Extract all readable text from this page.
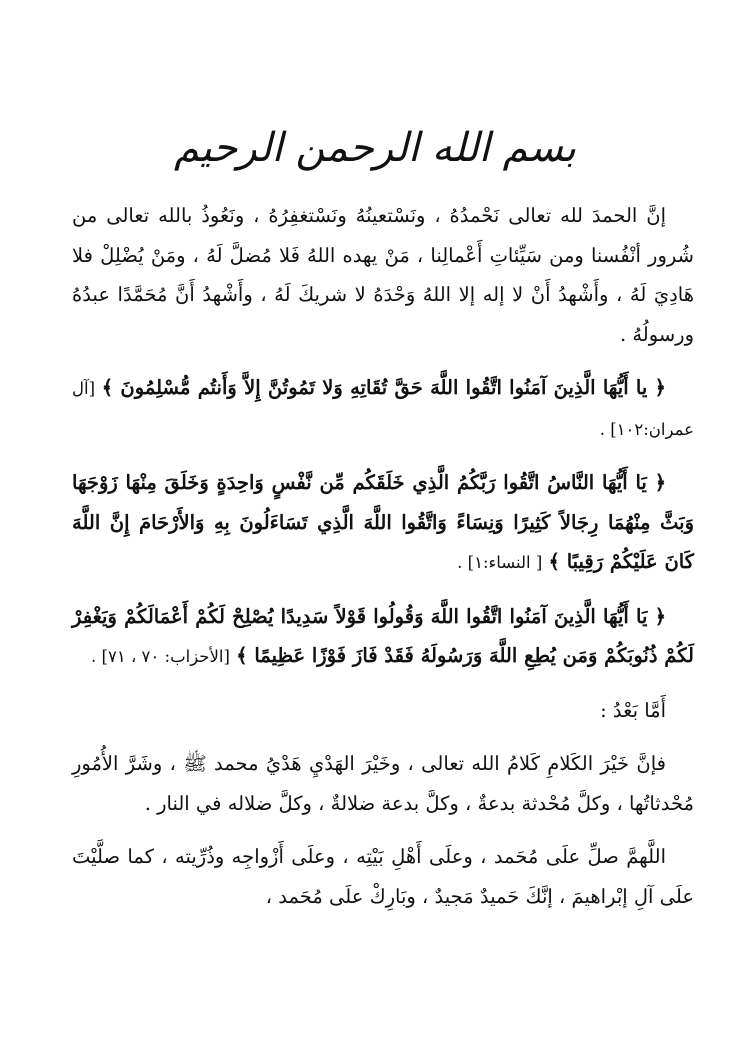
بسم الله الرحمن الرحيم

إنَّ الحمدَ لله تعالى نَحْمدُهُ ، ونَسْتعينُهُ ونَسْتغفِرُهُ ، ونَعُوذُ بالله تعالى من شُرور أنْفُسنا ومن سَيِّئاتِ أَعْمالِنا ، مَنْ يهده اللهُ فَلا مُضلَّ لَهُ ، ومَنْ يُضْلِلْ فلا هَادِيَ لَهُ ، وأَشْهدُ أَنْ لا إله إلا اللهُ وَحْدَهُ لا شريكَ لَهُ ، وأَشْهدُ أَنَّ مُحَمَّدًا عبدُهُ ورسولُهُ .

﴿ يا أَيُّهَا الَّذِينَ آمَنُوا اتَّقُوا اللَّهَ حَقَّ تُقَاتِهِ وَلا تَمُوتُنَّ إِلاَّ وَأَنتُم مُّسْلِمُونَ ﴾ [آل عمران:١٠٢] .

﴿ يَا أَيُّهَا النَّاسُ اتَّقُوا رَبَّكُمُ الَّذِي خَلَقَكُم مِّن نَّفْسٍ وَاحِدَةٍ وَخَلَقَ مِنْهَا زَوْجَهَا وَبَثَّ مِنْهُمَا رِجَالاً كَثِيرًا وَنِسَاءً وَاتَّقُوا اللَّهَ الَّذِي تَسَاءَلُونَ بِهِ وَالأَرْحَامَ إِنَّ اللَّهَ كَانَ عَلَيْكُمْ رَقِيبًا ﴾ [ النساء:١] .

﴿ يَا أَيُّهَا الَّذِينَ آمَنُوا اتَّقُوا اللَّهَ وَقُولُوا قَوْلاً سَدِيدًا يُصْلِحْ لَكُمْ أَعْمَالَكُمْ وَيَغْفِرْ لَكُمْ ذُنُوبَكُمْ وَمَن يُطِعِ اللَّهَ وَرَسُولَهُ فَقَدْ فَازَ فَوْزًا عَظِيمًا ﴾ [الأحزاب: ٧٠ ، ٧١] .

أَمَّا بَعْدُ :

فإنَّ خَيْرَ الكَلامِ كَلامُ الله تعالى ، وخَيْرَ الهَدْيِ هَدْيُ محمد ﷺ ، وشَرَّ الأُمُورِ مُحْدثاتُها ، وكلَّ مُحْدثة بدعةٌ ، وكلَّ بدعة ضلالةٌ ، وكلَّ ضلاله في النار .

اللَّهمَّ صلِّ علَى مُحَمد ، وعلَى أَهْلِ بَيْتِه ، وعلَى أَزْواجِه وذُرِّيته ، كما صلَّيْتَ علَى آلِ إبْراهيمَ ، إنَّكَ حَميدٌ مَجيدٌ ، وبَارِكْ علَى مُحَمد ،
